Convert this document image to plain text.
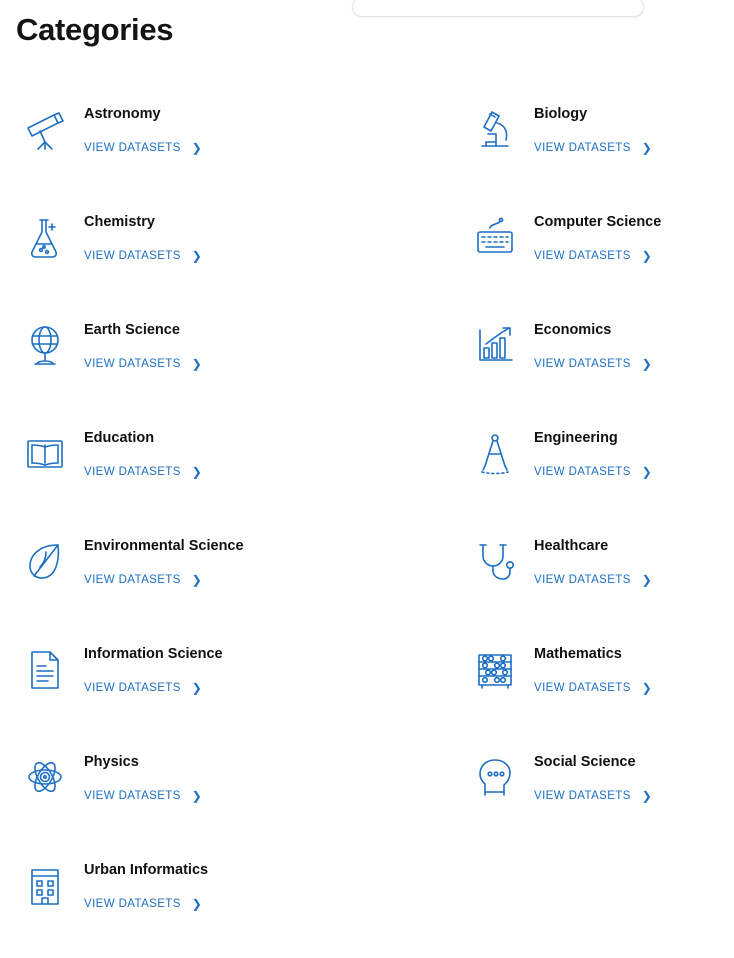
Categories
Astronomy
VIEW DATASETS ❯
Biology
VIEW DATASETS ❯
Chemistry
VIEW DATASETS ❯
Computer Science
VIEW DATASETS ❯
Earth Science
VIEW DATASETS ❯
Economics
VIEW DATASETS ❯
Education
VIEW DATASETS ❯
Engineering
VIEW DATASETS ❯
Environmental Science
VIEW DATASETS ❯
Healthcare
VIEW DATASETS ❯
Information Science
VIEW DATASETS ❯
Mathematics
VIEW DATASETS ❯
Physics
VIEW DATASETS ❯
Social Science
VIEW DATASETS ❯
Urban Informatics
VIEW DATASETS ❯
